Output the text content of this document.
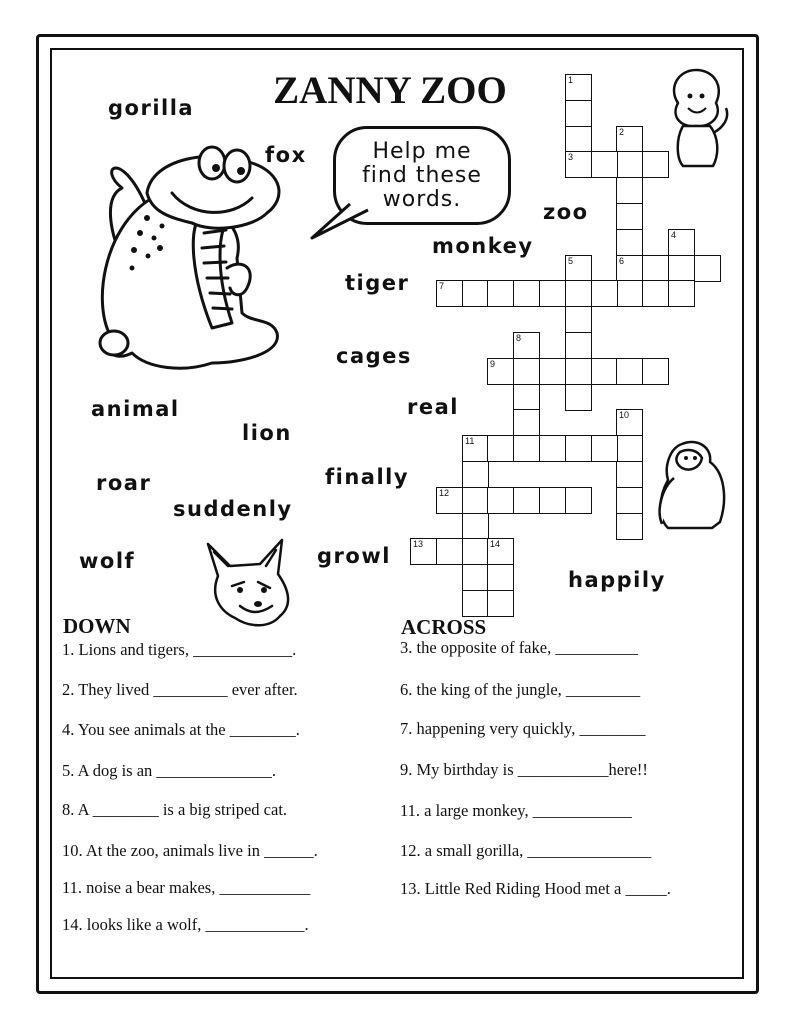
ZANNY ZOO
Help me
find these
words.
gorilla
fox
zoo
monkey
tiger
cages
real
animal
lion
finally
roar
suddenly
wolf	growl
happily
1
3
2
6
4
5
7
8
9
10
11
12
13	14
DOWN	ACROSS
1. Lions and tigers, ____________.
2. They lived _________ ever after.
4. You see animals at the ________.
5. A dog is an ______________.
8. A ________ is a big striped cat.
10. At the zoo, animals live in ______.
11. noise a bear makes, ___________
14. looks like a wolf, ____________.
3. the opposite of fake, __________
6. the king of the jungle, _________
7. happening very quickly, ________
9. My birthday is ___________here!!
11. a large monkey, ____________
12. a small gorilla, _______________
13. Little Red Riding Hood met a _____.
